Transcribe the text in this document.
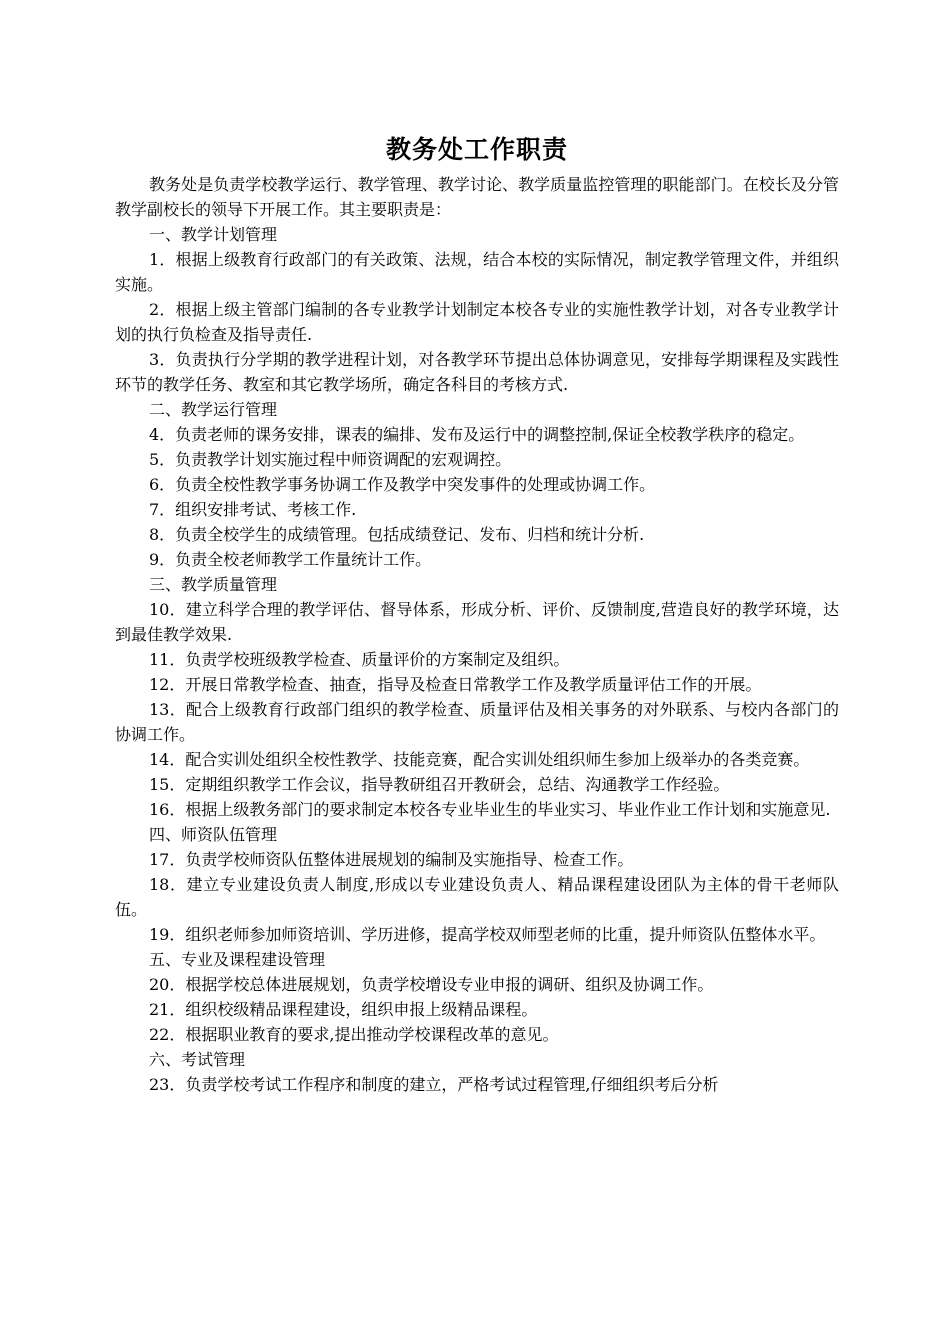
教务处工作职责

教务处是负责学校教学运行、教学管理、教学讨论、教学质量监控管理的职能部门。在校长及分管教学副校长的领导下开展工作。其主要职责是：

一、教学计划管理

1．根据上级教育行政部门的有关政策、法规，结合本校的实际情况，制定教学管理文件，并组织实施。

2．根据上级主管部门编制的各专业教学计划制定本校各专业的实施性教学计划，对各专业教学计划的执行负检查及指导责任.

3．负责执行分学期的教学进程计划，对各教学环节提出总体协调意见，安排每学期课程及实践性环节的教学任务、教室和其它教学场所，确定各科目的考核方式.

二、教学运行管理

4．负责老师的课务安排，课表的编排、发布及运行中的调整控制,保证全校教学秩序的稳定。

5．负责教学计划实施过程中师资调配的宏观调控。

6．负责全校性教学事务协调工作及教学中突发事件的处理或协调工作。

7．组织安排考试、考核工作.

8．负责全校学生的成绩管理。包括成绩登记、发布、归档和统计分析.

9．负责全校老师教学工作量统计工作。

三、教学质量管理

10．建立科学合理的教学评估、督导体系，形成分析、评价、反馈制度,营造良好的教学环境，达到最佳教学效果.

11．负责学校班级教学检查、质量评价的方案制定及组织。

12．开展日常教学检查、抽查，指导及检查日常教学工作及教学质量评估工作的开展。

13．配合上级教育行政部门组织的教学检查、质量评估及相关事务的对外联系、与校内各部门的协调工作。

14．配合实训处组织全校性教学、技能竞赛，配合实训处组织师生参加上级举办的各类竞赛。

15．定期组织教学工作会议，指导教研组召开教研会，总结、沟通教学工作经验。

16．根据上级教务部门的要求制定本校各专业毕业生的毕业实习、毕业作业工作计划和实施意见.

四、师资队伍管理

17．负责学校师资队伍整体进展规划的编制及实施指导、检查工作。

18．建立专业建设负责人制度,形成以专业建设负责人、精品课程建设团队为主体的骨干老师队伍。

19．组织老师参加师资培训、学历进修，提高学校双师型老师的比重，提升师资队伍整体水平。

五、专业及课程建设管理

20．根据学校总体进展规划，负责学校增设专业申报的调研、组织及协调工作。

21．组织校级精品课程建设，组织申报上级精品课程。

22．根据职业教育的要求,提出推动学校课程改革的意见。

六、考试管理

23．负责学校考试工作程序和制度的建立，严格考试过程管理,仔细组织考后分析
